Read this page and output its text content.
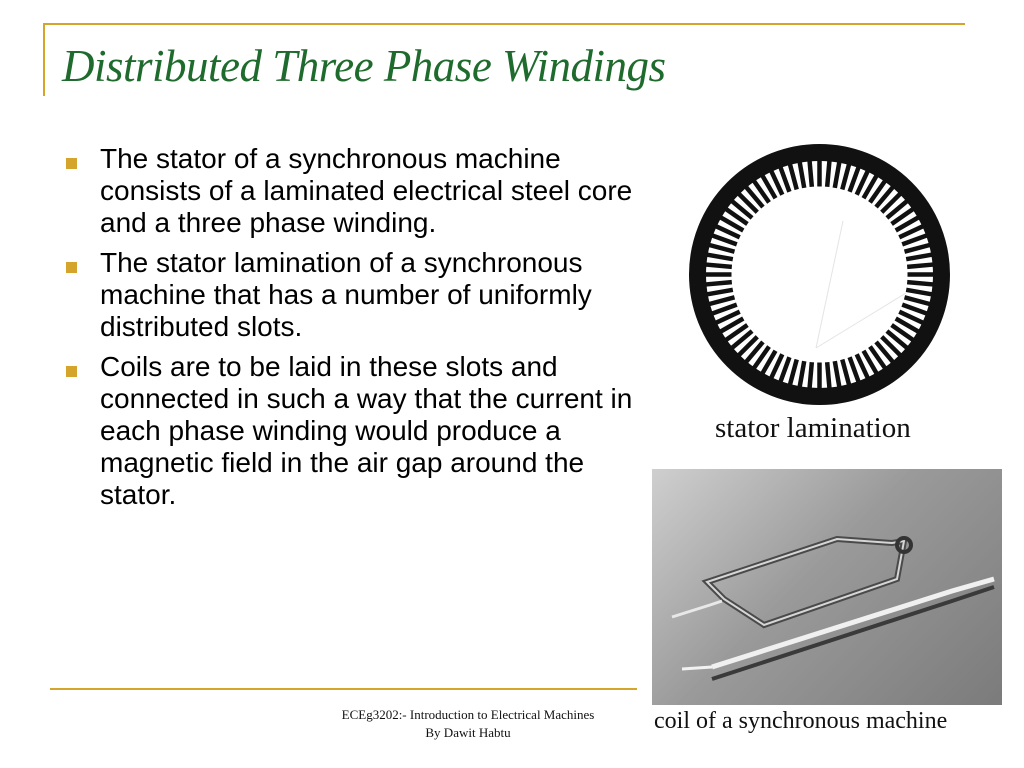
Distributed Three Phase Windings
The stator of a synchronous machine consists of a laminated electrical steel core and a three phase winding.
The stator lamination of a synchronous machine that has a number of uniformly distributed slots.
Coils are to be laid in these slots and connected in such a way that the current in each phase winding would produce a magnetic field in the air gap around the stator.
stator lamination
coil of a synchronous machine
ECEg3202:- Introduction to Electrical Machines
By Dawit Habtu
